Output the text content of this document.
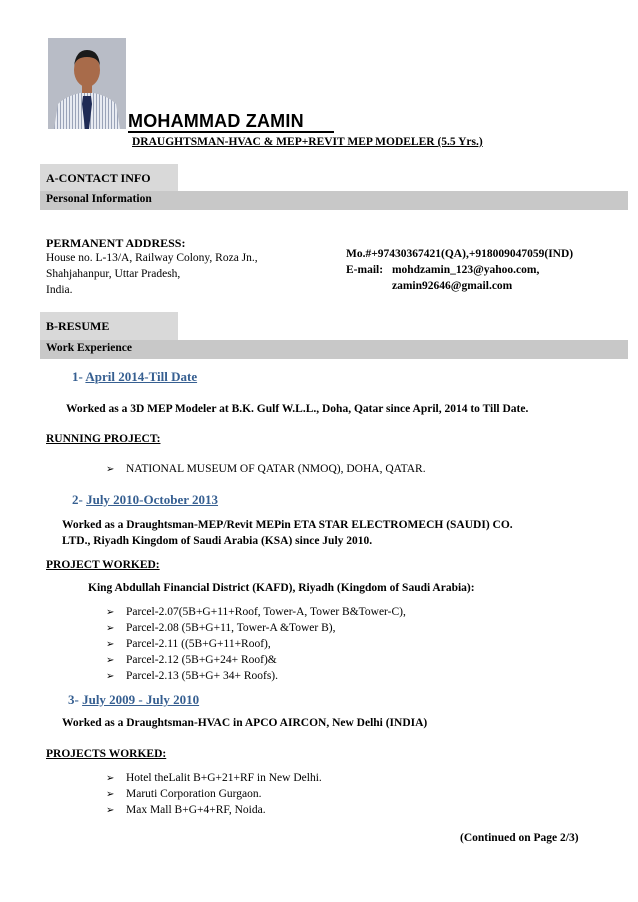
MOHAMMAD ZAMIN
DRAUGHTSMAN-HVAC & MEP+REVIT MEP MODELER (5.5 Yrs.)
A-CONTACT INFO
Personal Information
PERMANENT ADDRESS:
House no. L-13/A, Railway Colony, Roza Jn.,
Shahjahanpur, Uttar Pradesh,
India.
Mo.#+97430367421(QA),+918009047059(IND)
E-mail: mohdzamin_123@yahoo.com,
zamin92646@gmail.com
B-RESUME
Work Experience
1- April 2014-Till Date
Worked as a 3D MEP Modeler at B.K. Gulf W.L.L., Doha, Qatar since April, 2014 to Till Date.
RUNNING PROJECT:
➢ NATIONAL MUSEUM OF QATAR (NMOQ), DOHA, QATAR.
2- July 2010-October 2013
Worked as a Draughtsman-MEP/Revit MEPin ETA STAR ELECTROMECH (SAUDI) CO.
LTD., Riyadh Kingdom of Saudi Arabia (KSA) since July 2010.
PROJECT WORKED:
King Abdullah Financial District (KAFD), Riyadh (Kingdom of Saudi Arabia):
➢ Parcel-2.07(5B+G+11+Roof, Tower-A, Tower B&Tower-C),
➢ Parcel-2.08 (5B+G+11, Tower-A &Tower B),
➢ Parcel-2.11 ((5B+G+11+Roof),
➢ Parcel-2.12 (5B+G+24+ Roof)&
➢ Parcel-2.13 (5B+G+ 34+ Roofs).
3- July 2009 - July 2010
Worked as a Draughtsman-HVAC in APCO AIRCON, New Delhi (INDIA)
PROJECTS WORKED:
➢ Hotel theLalit B+G+21+RF in New Delhi.
➢ Maruti Corporation Gurgaon.
➢ Max Mall B+G+4+RF, Noida.
(Continued on Page 2/3)
